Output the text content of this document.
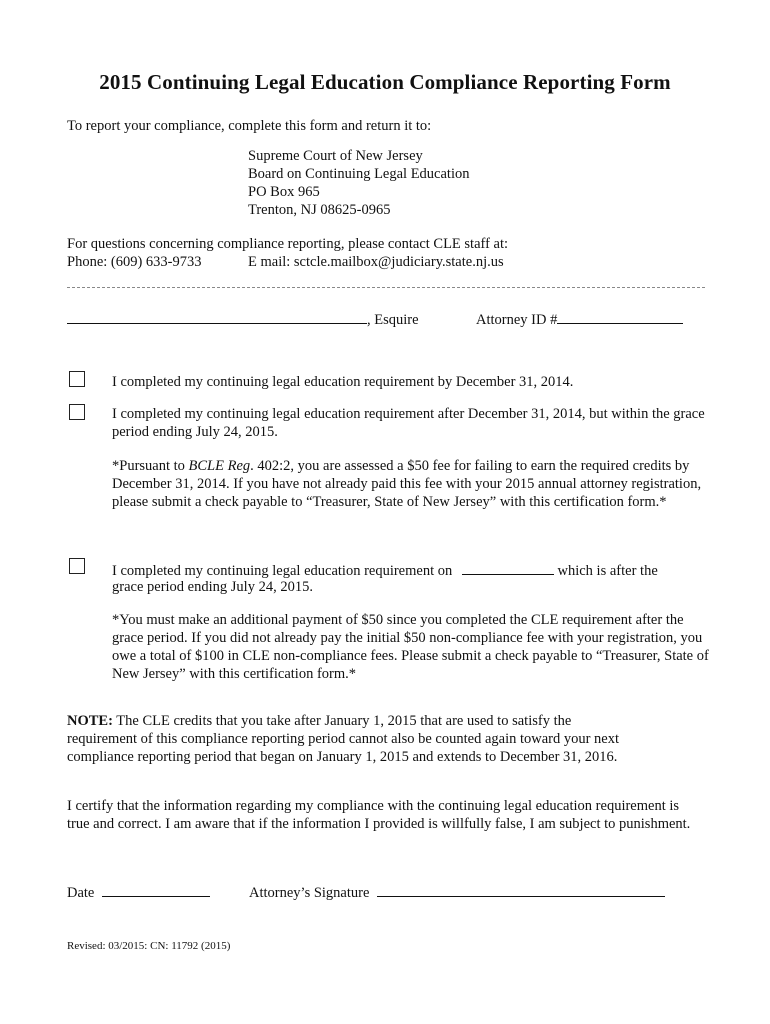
2015 Continuing Legal Education Compliance Reporting Form
To report your compliance, complete this form and return it to:
Supreme Court of New Jersey
Board on Continuing Legal Education
PO Box 965
Trenton, NJ 08625-0965
For questions concerning compliance reporting, please contact CLE staff at:
Phone: (609) 633-9733	E mail: sctcle.mailbox@judiciary.state.nj.us
, Esquire	Attorney ID #
I completed my continuing legal education requirement by December 31, 2014.
I completed my continuing legal education requirement after December 31, 2014, but within the grace period ending July 24, 2015.
*Pursuant to BCLE Reg. 402:2, you are assessed a $50 fee for failing to earn the required credits by December 31, 2014. If you have not already paid this fee with your 2015 annual attorney registration, please submit a check payable to “Treasurer, State of New Jersey” with this certification form.*
I completed my continuing legal education requirement on	which is after the
grace period ending July 24, 2015.
*You must make an additional payment of $50 since you completed the CLE requirement after the grace period. If you did not already pay the initial $50 non-compliance fee with your registration, you owe a total of $100 in CLE non-compliance fees. Please submit a check payable to “Treasurer, State of New Jersey” with this certification form.*
NOTE: The CLE credits that you take after January 1, 2015 that are used to satisfy the requirement of this compliance reporting period cannot also be counted again toward your next compliance reporting period that began on January 1, 2015 and extends to December 31, 2016.
I certify that the information regarding my compliance with the continuing legal education requirement is true and correct. I am aware that if the information I provided is willfully false, I am subject to punishment.
Date	Attorney’s Signature
Revised: 03/2015: CN: 11792 (2015)
